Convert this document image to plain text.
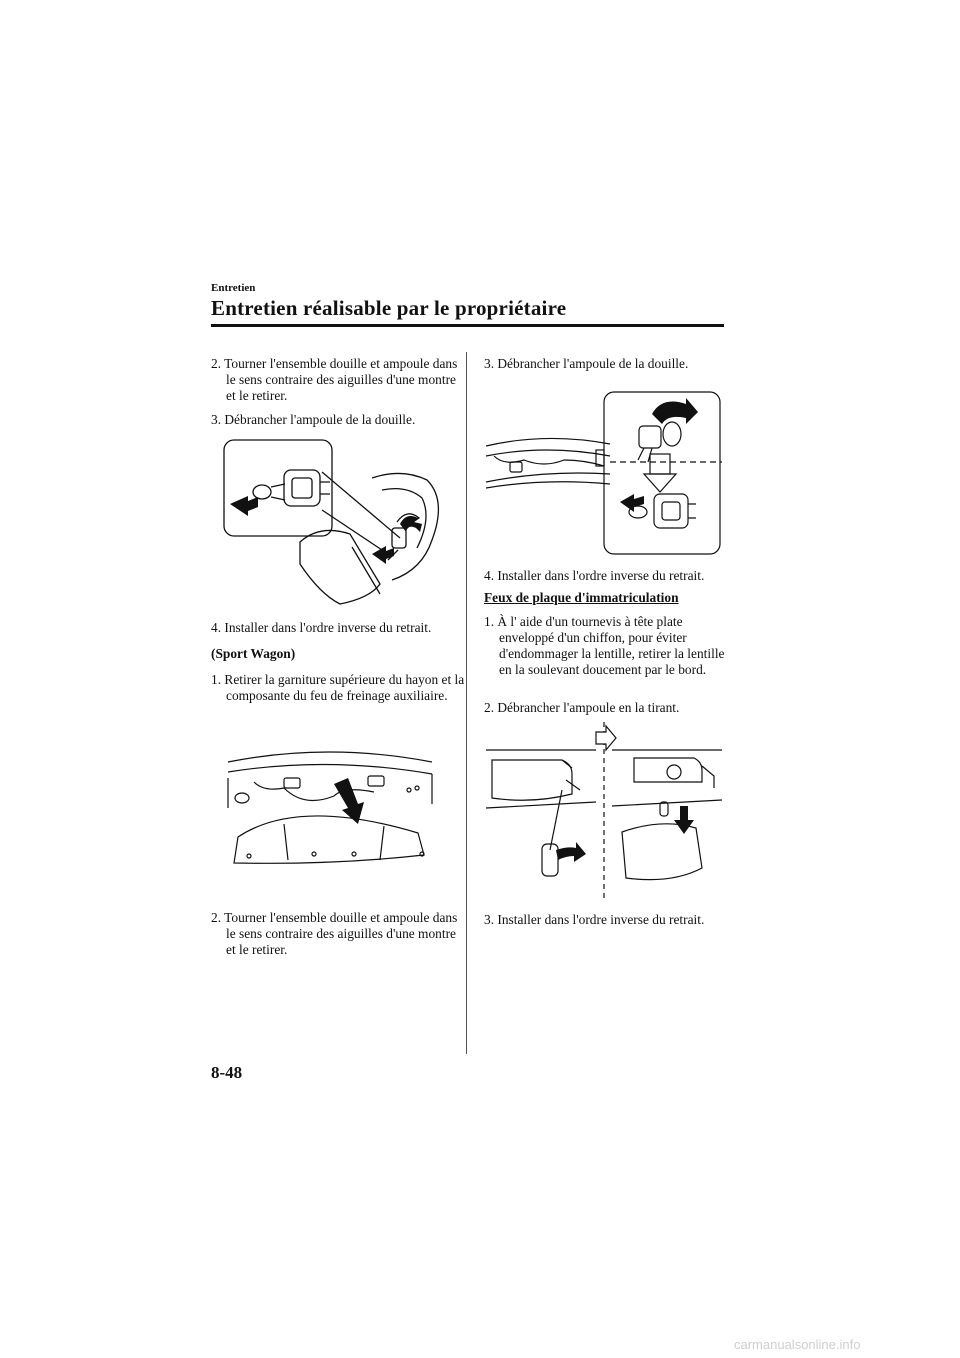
Entretien
Entretien réalisable par le propriétaire
2. Tourner l'ensemble douille et ampoule dans le sens contraire des aiguilles d'une montre et le retirer.
3. Débrancher l'ampoule de la douille.
4. Installer dans l'ordre inverse du retrait.
(Sport Wagon)
1. Retirer la garniture supérieure du hayon et la composante du feu de freinage auxiliaire.
2. Tourner l'ensemble douille et ampoule dans le sens contraire des aiguilles d'une montre et le retirer.
3. Débrancher l'ampoule de la douille.
4. Installer dans l'ordre inverse du retrait.
Feux de plaque d'immatriculation
1. À l' aide d'un tournevis à tête plate enveloppé d'un chiffon, pour éviter d'endommager la lentille, retirer la lentille en la soulevant doucement par le bord.
2. Débrancher l'ampoule en la tirant.
3. Installer dans l'ordre inverse du retrait.
8-48
carmanualsonline.info
